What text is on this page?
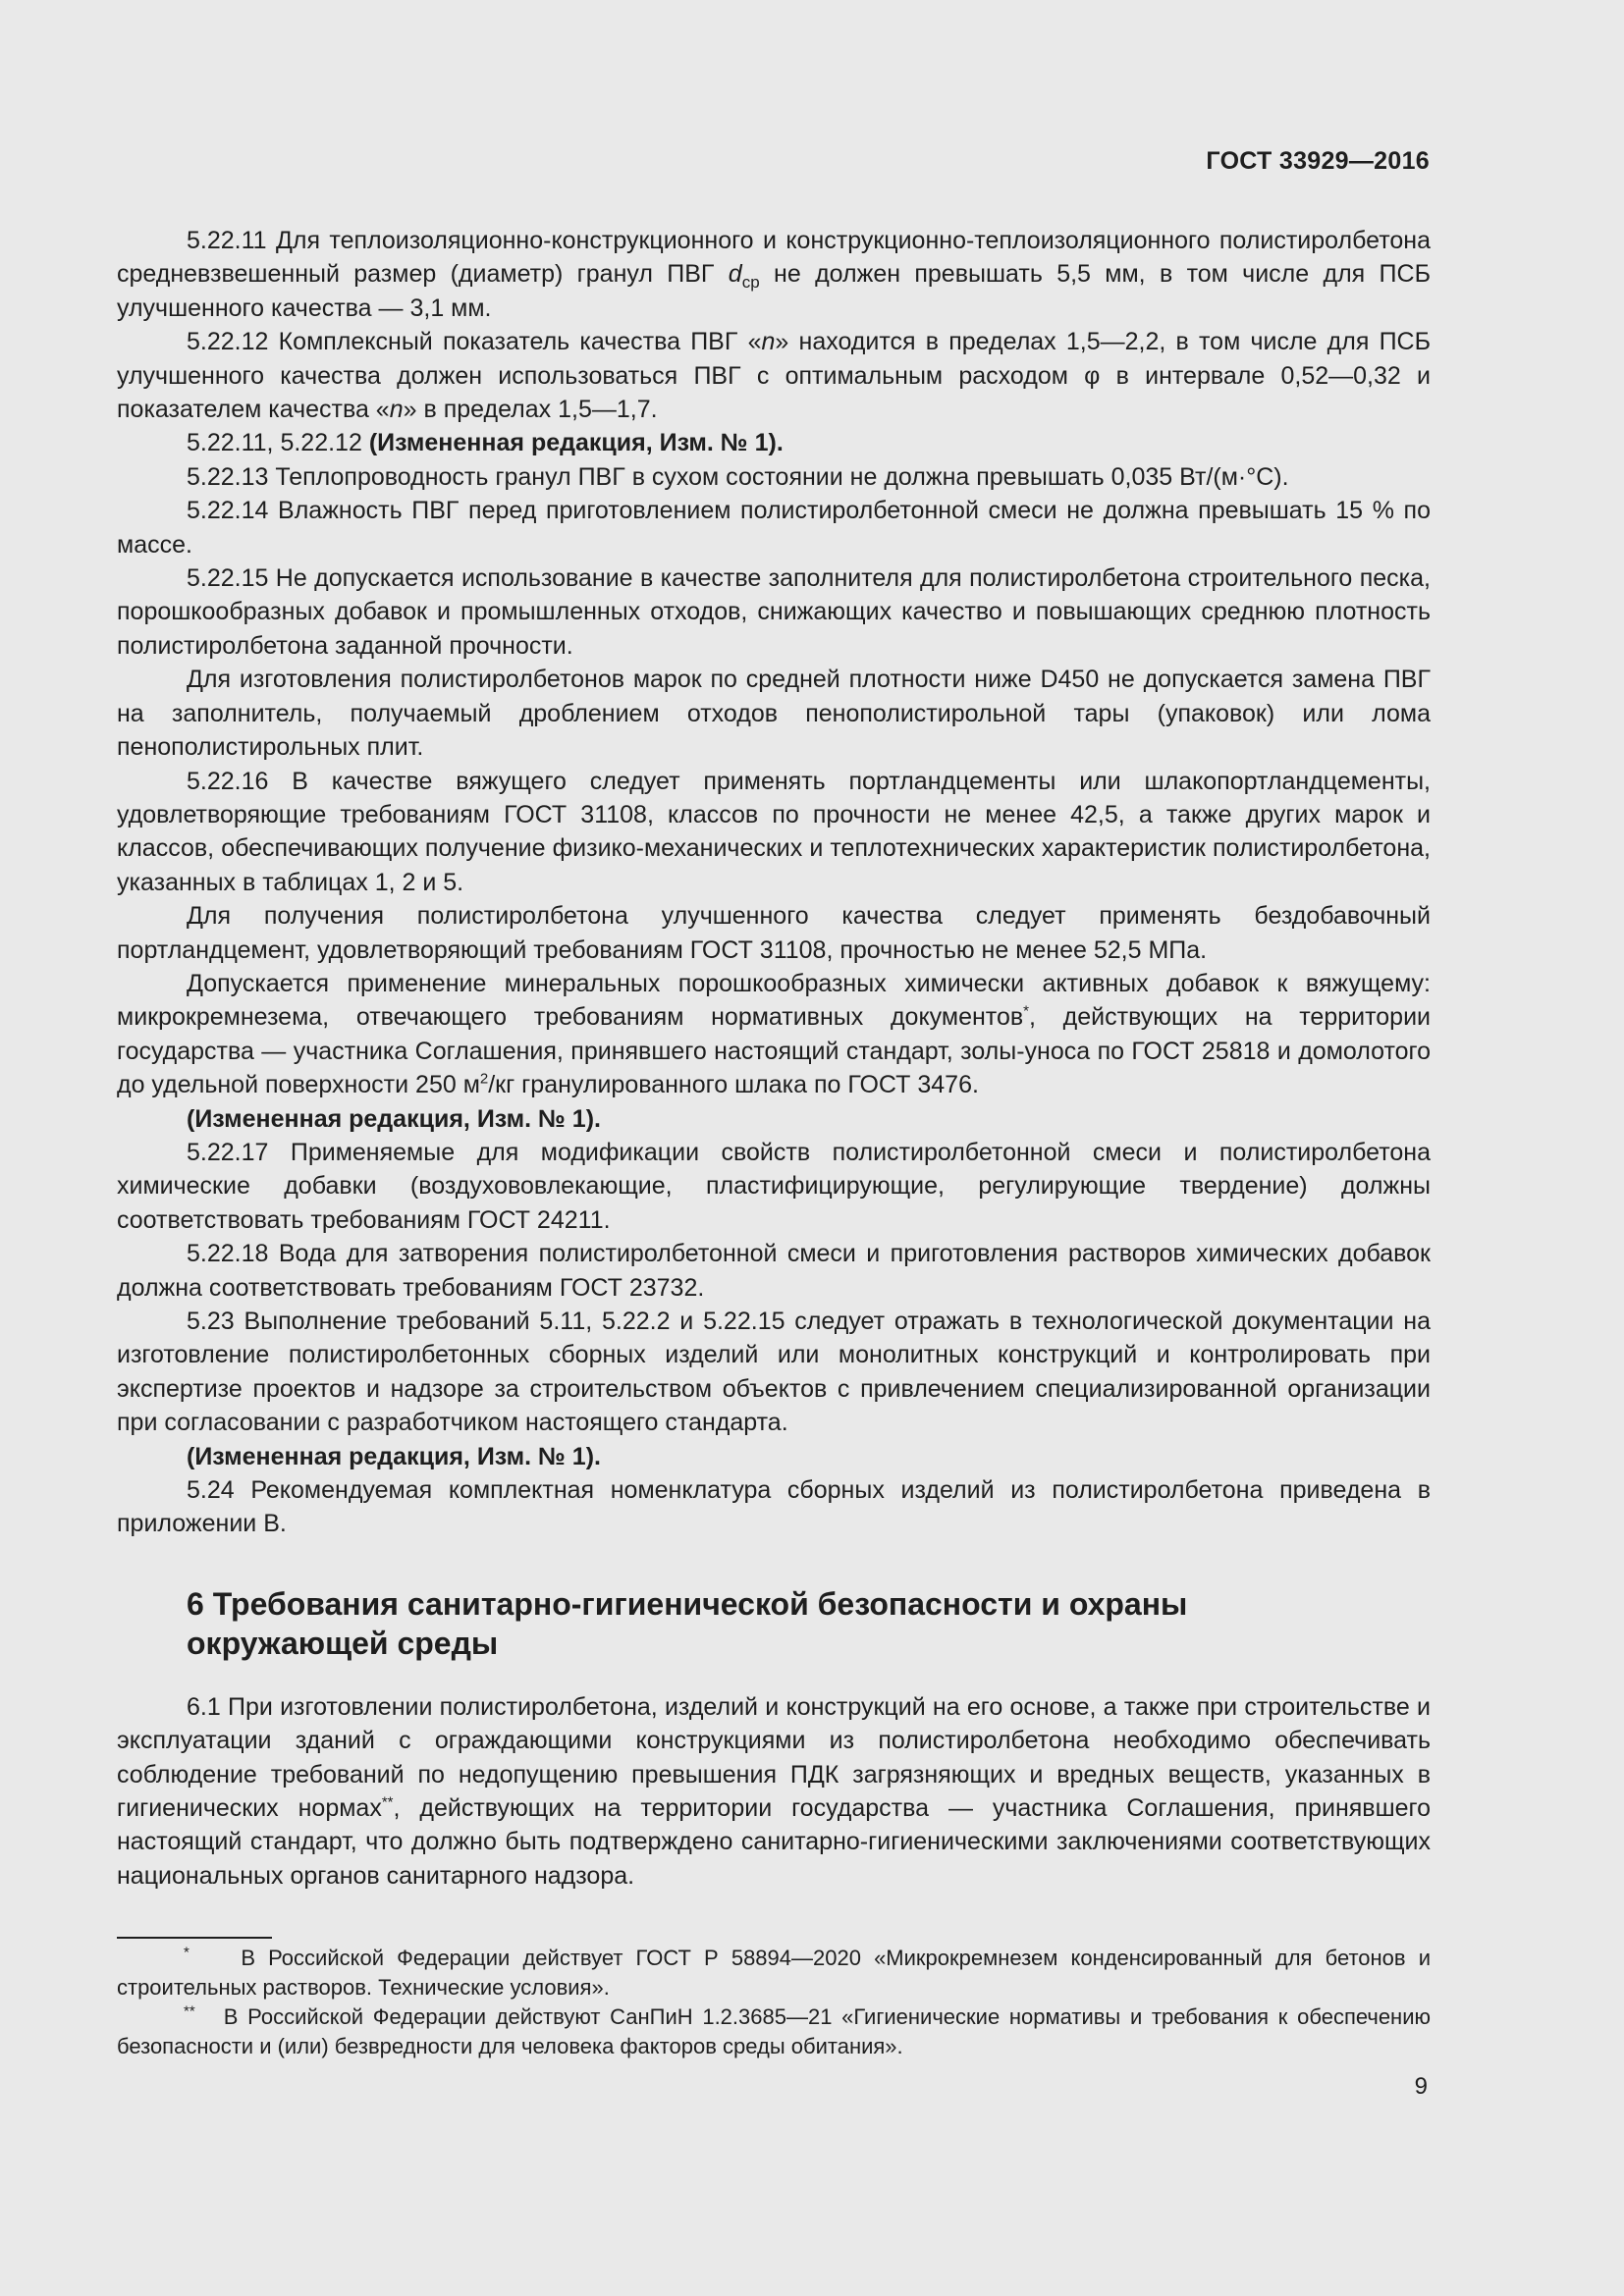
ГОСТ 33929—2016

5.22.11 Для теплоизоляционно-конструкционного и конструкционно-теплоизоляционного полистиролбетона средневзвешенный размер (диаметр) гранул ПВГ $d_{ср}$ не должен превышать 5,5 мм, в том числе для ПСБ улучшенного качества — 3,1 мм.

5.22.12 Комплексный показатель качества ПВГ «n» находится в пределах 1,5—2,2, в том числе для ПСБ улучшенного качества должен использоваться ПВГ с оптимальным расходом φ в интервале 0,52—0,32 и показателем качества «n» в пределах 1,5—1,7.

5.22.11, 5.22.12 (Измененная редакция, Изм. № 1).

5.22.13 Теплопроводность гранул ПВГ в сухом состоянии не должна превышать 0,035 Вт/(м·°С).

5.22.14 Влажность ПВГ перед приготовлением полистиролбетонной смеси не должна превышать 15 % по массе.

5.22.15 Не допускается использование в качестве заполнителя для полистиролбетона строительного песка, порошкообразных добавок и промышленных отходов, снижающих качество и повышающих среднюю плотность полистиролбетона заданной прочности.

Для изготовления полистиролбетонов марок по средней плотности ниже D450 не допускается замена ПВГ на заполнитель, получаемый дроблением отходов пенополистирольной тары (упаковок) или лома пенополистирольных плит.

5.22.16 В качестве вяжущего следует применять портландцементы или шлакопортландцементы, удовлетворяющие требованиям ГОСТ 31108, классов по прочности не менее 42,5, а также других марок и классов, обеспечивающих получение физико-механических и теплотехнических характеристик полистиролбетона, указанных в таблицах 1, 2 и 5.

Для получения полистиролбетона улучшенного качества следует применять бездобавочный портландцемент, удовлетворяющий требованиям ГОСТ 31108, прочностью не менее 52,5 МПа.

Допускается применение минеральных порошкообразных химически активных добавок к вяжущему: микрокремнезема, отвечающего требованиям нормативных документов*, действующих на территории государства — участника Соглашения, принявшего настоящий стандарт, золы-уноса по ГОСТ 25818 и домолотого до удельной поверхности 250 $м^2/кг$ гранулированного шлака по ГОСТ 3476.

(Измененная редакция, Изм. № 1).

5.22.17 Применяемые для модификации свойств полистиролбетонной смеси и полистиролбетона химические добавки (воздухововлекающие, пластифицирующие, регулирующие твердение) должны соответствовать требованиям ГОСТ 24211.

5.22.18 Вода для затворения полистиролбетонной смеси и приготовления растворов химических добавок должна соответствовать требованиям ГОСТ 23732.

5.23 Выполнение требований 5.11, 5.22.2 и 5.22.15 следует отражать в технологической документации на изготовление полистиролбетонных сборных изделий или монолитных конструкций и контролировать при экспертизе проектов и надзоре за строительством объектов с привлечением специализированной организации при согласовании с разработчиком настоящего стандарта.

(Измененная редакция, Изм. № 1).

5.24 Рекомендуемая комплектная номенклатура сборных изделий из полистиролбетона приведена в приложении В.

6 Требования санитарно-гигиенической безопасности и охраны
окружающей среды

6.1 При изготовлении полистиролбетона, изделий и конструкций на его основе, а также при строительстве и эксплуатации зданий с ограждающими конструкциями из полистиролбетона необходимо обеспечивать соблюдение требований по недопущению превышения ПДК загрязняющих и вредных веществ, указанных в гигиенических нормах**, действующих на территории государства — участника Соглашения, принявшего настоящий стандарт, что должно быть подтверждено санитарно-гигиеническими заключениями соответствующих национальных органов санитарного надзора.

* В Российской Федерации действует ГОСТ Р 58894—2020 «Микрокремнезем конденсированный для бетонов и строительных растворов. Технические условия».

** В Российской Федерации действуют СанПиН 1.2.3685—21 «Гигиенические нормативы и требования к обеспечению безопасности и (или) безвредности для человека факторов среды обитания».

9
